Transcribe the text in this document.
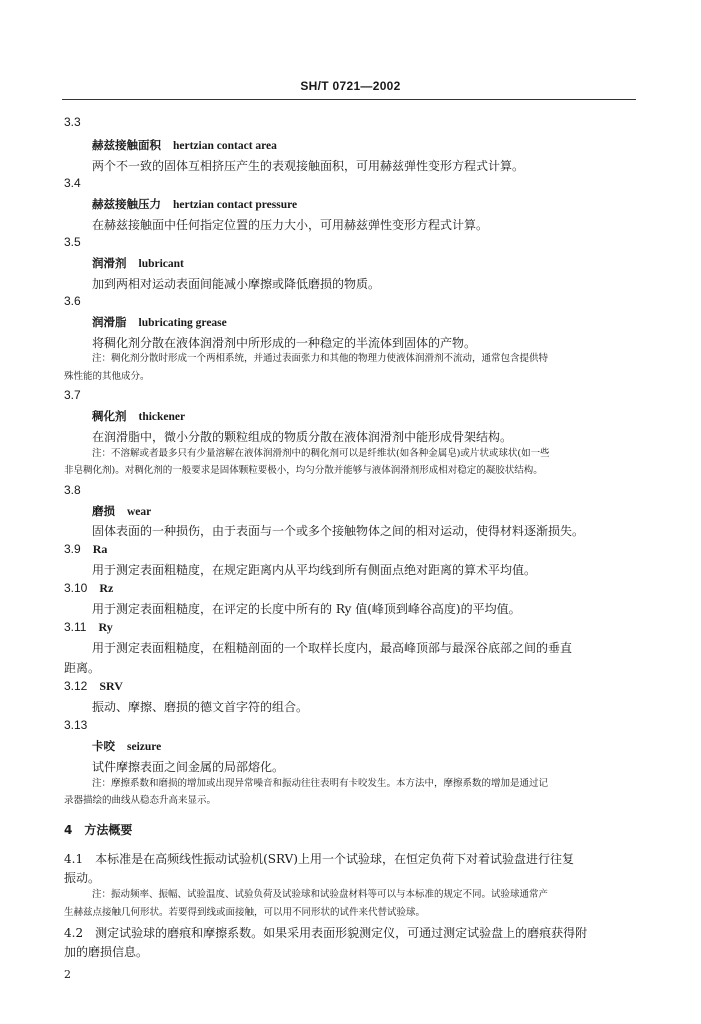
SH/T 0721—2002
3.3
赫兹接触面积 hertzian contact area
两个不一致的固体互相挤压产生的表观接触面积，可用赫兹弹性变形方程式计算。
3.4
赫兹接触压力 hertzian contact pressure
在赫兹接触面中任何指定位置的压力大小，可用赫兹弹性变形方程式计算。
3.5
润滑剂 lubricant
加到两相对运动表面间能减小摩擦或降低磨损的物质。
3.6
润滑脂 lubricating grease
将稠化剂分散在液体润滑剂中所形成的一种稳定的半流体到固体的产物。
注：稠化剂分散时形成一个两相系统，并通过表面张力和其他的物理力使液体润滑剂不流动，通常包含提供特
殊性能的其他成分。
3.7
稠化剂 thickener
在润滑脂中，微小分散的颗粒组成的物质分散在液体润滑剂中能形成骨架结构。
注：不溶解或者最多只有少量溶解在液体润滑剂中的稠化剂可以是纤维状(如各种金属皂)或片状或球状(如一些
非皂稠化剂)。对稠化剂的一般要求是固体颗粒要极小，均匀分散并能够与液体润滑剂形成相对稳定的凝胶状结构。
3.8
磨损 wear
固体表面的一种损伤，由于表面与一个或多个接触物体之间的相对运动，使得材料逐渐损失。
3.9 Ra
用于测定表面粗糙度，在规定距离内从平均线到所有侧面点绝对距离的算术平均值。
3.10 Rz
用于测定表面粗糙度，在评定的长度中所有的 Ry 值(峰顶到峰谷高度)的平均值。
3.11 Ry
用于测定表面粗糙度，在粗糙剖面的一个取样长度内，最高峰顶部与最深谷底部之间的垂直
距离。
3.12 SRV
振动、摩擦、磨损的德文首字符的组合。
3.13
卡咬 seizure
试件摩擦表面之间金属的局部熔化。
注：摩擦系数和磨损的增加或出现异常噪音和振动往往表明有卡咬发生。本方法中，摩擦系数的增加是通过记
录器描绘的曲线从稳态升高来显示。
4　方法概要
4.1　本标准是在高频线性振动试验机(SRV)上用一个试验球，在恒定负荷下对着试验盘进行往复
振动。
注：振动频率、振幅、试验温度、试验负荷及试验球和试验盘材料等可以与本标准的规定不同。试验球通常产
生赫兹点接触几何形状。若要得到线或面接触，可以用不同形状的试件来代替试验球。
4.2　测定试验球的磨痕和摩擦系数。如果采用表面形貌测定仪，可通过测定试验盘上的磨痕获得附
加的磨损信息。
2
